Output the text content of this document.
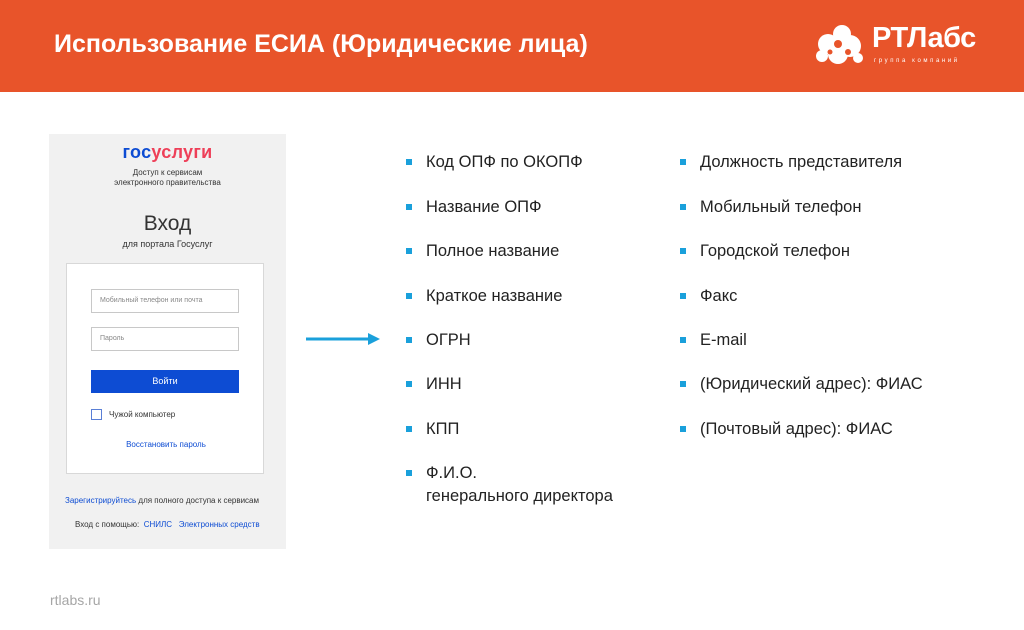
Использование ЕСИА (Юридические лица)	РТЛабс
группа компаний
госуслуги
Доступ к сервисам
электронного правительства
Вход
для портала Госуслуг
Мобильный телефон или почта
Пароль
Войти
Чужой компьютер
Восстановить пароль
Зарегистрируйтесь для полного доступа к сервисам
Вход с помощью: СНИЛС Электронных средств
Код ОПФ по ОКОПФ
Название ОПФ
Полное название
Краткое название
ОГРН
ИНН
КПП
Ф.И.О.
генерального директора
Должность представителя
Мобильный телефон
Городской телефон
Факс
E-mail
(Юридический адрес): ФИАС
(Почтовый адрес): ФИАС
rtlabs.ru
